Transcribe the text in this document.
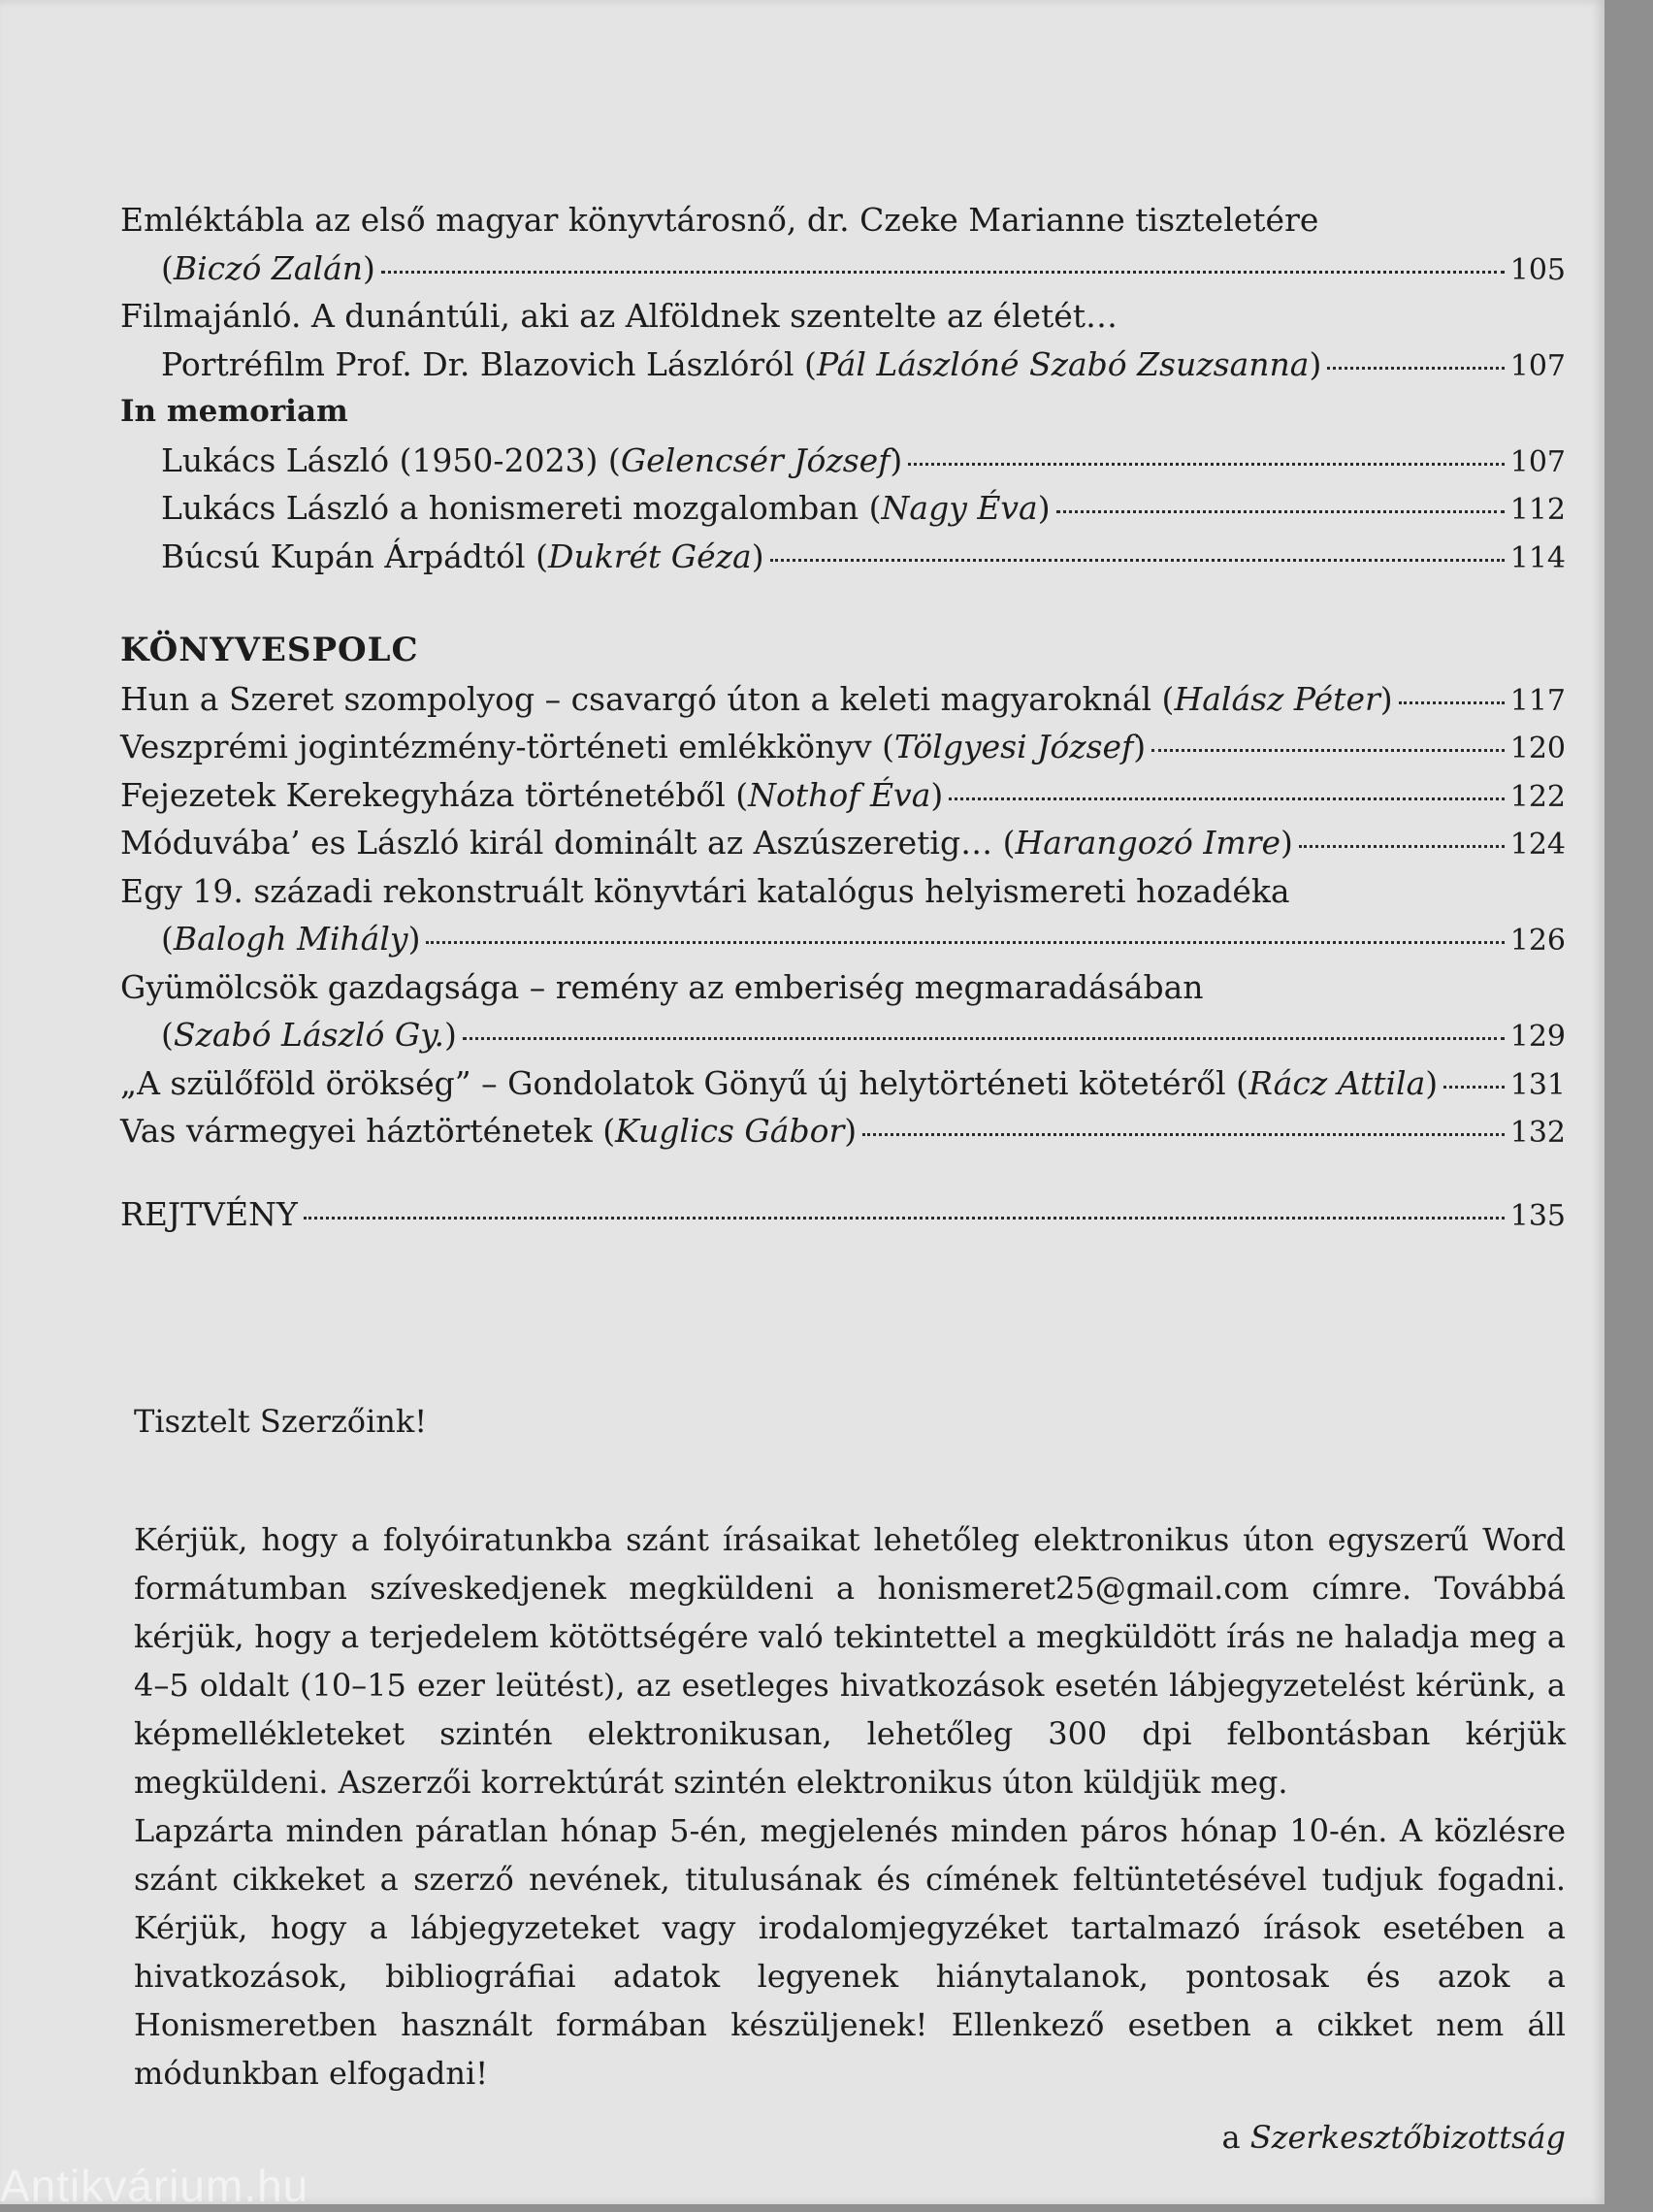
Emléktábla az első magyar könyvtárosnő, dr. Czeke Marianne tiszteletére
(Biczó Zalán)	105
Filmajánló. A dunántúli, aki az Alföldnek szentelte az életét…
Portréfilm Prof. Dr. Blazovich Lászlóról (Pál Lászlóné Szabó Zsuzsanna)	107
In memoriam
Lukács László (1950-2023) (Gelencsér József)	107
Lukács László a honismereti mozgalomban (Nagy Éva)	112
Búcsú Kupán Árpádtól (Dukrét Géza)	114
KÖNYVESPOLC
Hun a Szeret szompolyog – csavargó úton a keleti magyaroknál (Halász Péter)	117
Veszprémi jogintézmény-történeti emlékkönyv (Tölgyesi József)	120
Fejezetek Kerekegyháza történetéből (Nothof Éva)	122
Móduvába’ es László királ dominált az Aszúszeretig… (Harangozó Imre)	124
Egy 19. századi rekonstruált könyvtári katalógus helyismereti hozadéka
(Balogh Mihály)	126
Gyümölcsök gazdagsága – remény az emberiség megmaradásában
(Szabó László Gy.)	129
„A szülőföld örökség” – Gondolatok Gönyű új helytörténeti kötetéről (Rácz Attila) 131
Vas vármegyei háztörténetek (Kuglics Gábor)	132
REJTVÉNY	135

Tisztelt Szerzőink!

Kérjük, hogy a folyóiratunkba szánt írásaikat lehetőleg elektronikus úton egyszerű Word formátumban szíveskedjenek megküldeni a honismeret25@gmail.com címre. Továbbá kérjük, hogy a terjedelem kötöttségére való tekintettel a megküldött írás ne haladja meg a 4–5 oldalt (10–15 ezer leütést), az esetleges hivatkozások esetén lábjegyzetelést kérünk, a képmellékleteket szintén elektronikusan, lehetőleg 300 dpi felbontásban kérjük megküldeni. Aszerzői korrektúrát szintén elektronikus úton küldjük meg.

Lapzárta minden páratlan hónap 5-én, megjelenés minden páros hónap 10-én. A közlésre szánt cikkeket a szerző nevének, titulusának és címének feltüntetésével tudjuk fogadni. Kérjük, hogy a lábjegyzeteket vagy irodalomjegyzéket tartalmazó írások esetében a hivatkozások, bibliográfiai adatok legyenek hiánytalanok, pontosak és azok a Honismeretben használt formában készüljenek! Ellenkező esetben a cikket nem áll módunkban elfogadni!

a Szerkesztőbizottság
Antikvárium.hu
